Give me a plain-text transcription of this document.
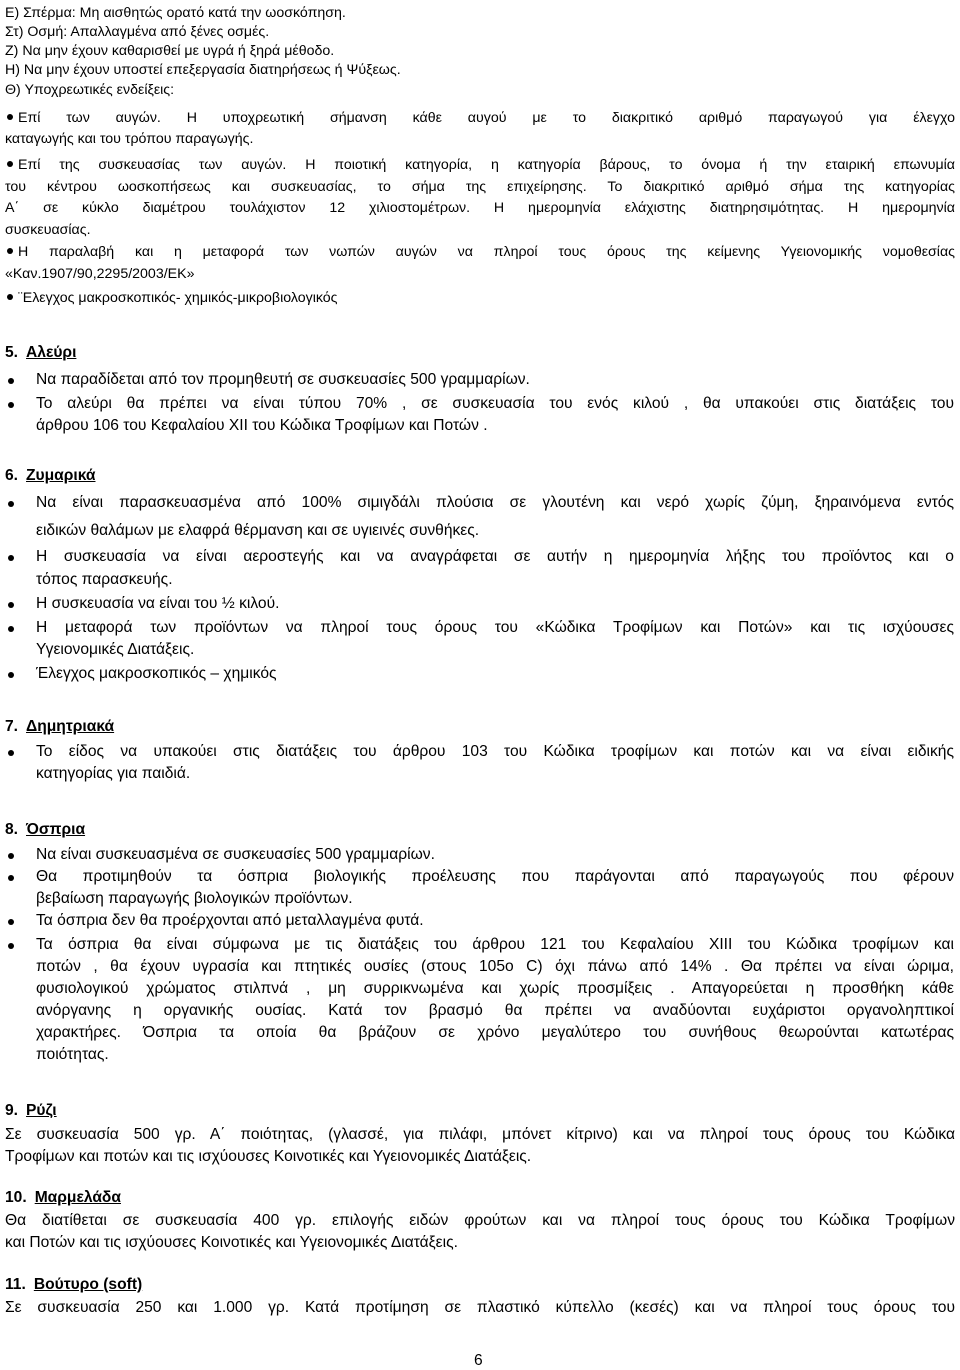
Ε) Σπέρμα: Μη αισθητώς ορατό κατά την ωοσκόπηση.
Στ) Οσμή: Απαλλαγμένα από ξένες οσμές.
Ζ) Να μην έχουν καθαρισθεί με υγρά ή ξηρά μέθοδο.
Η) Να μην έχουν υποστεί επεξεργασία διατηρήσεως ή Ψύξεως.
Θ) Υποχρεωτικές ενδείξεις:
Επί των αυγών. Η υποχρεωτική σήμανση κάθε αυγού με το διακριτικό αριθμό παραγωγού για έλεγχο
καταγωγής και του τρόπου παραγωγής.
Επί της συσκευασίας των αυγών. Η ποιοτική κατηγορία, η κατηγορία βάρους, το όνομα ή την εταιρική επωνυμία
του κέντρου ωοσκοπήσεως και συσκευασίας, το σήμα της επιχείρησης. Το διακριτικό αριθμό σήμα της κατηγορίας
Α΄ σε κύκλο διαμέτρου τουλάχιστον 12 χιλιοστομέτρων. Η ημερομηνία ελάχιστης διατηρησιμότητας. Η ημερομηνία
συσκευασίας.
Η παραλαβή και η μεταφορά των νωπών αυγών να πληροί τους όρους της κείμενης Υγειονομικής νομοθεσίας
«Καν.1907/90,2295/2003/ΕΚ»
¨Ελεγχος μακροσκοπικός- χημικός-μικροβιολογικός
5. Αλεύρι
Να παραδίδεται από τον προμηθευτή σε συσκευασίες 500 γραμμαρίων.
Το αλεύρι θα πρέπει να είναι τύπου 70% , σε συσκευασία του ενός κιλού , θα υπακούει στις διατάξεις του
άρθρου 106 του Κεφαλαίου ΧΙΙ του Κώδικα Τροφίμων και Ποτών .
6. Ζυμαρικά
Να είναι παρασκευασμένα από 100% σιμιγδάλι πλούσια σε γλουτένη και νερό χωρίς ζύμη, ξηραινόμενα εντός
ειδικών θαλάμων με ελαφρά θέρμανση και σε υγιεινές συνθήκες.
Η συσκευασία να είναι αεροστεγής και να αναγράφεται σε αυτήν η ημερομηνία λήξης του προϊόντος και ο
τόπος παρασκευής.
Η συσκευασία να είναι του ½ κιλού.
Η μεταφορά των προϊόντων να πληροί τους όρους του «Κώδικα Τροφίμων και Ποτών» και τις ισχύουσες
Υγειονομικές Διατάξεις.
Έλεγχος μακροσκοπικός – χημικός
7. Δημητριακά
Το είδος να υπακούει στις διατάξεις του άρθρου 103 του Κώδικα τροφίμων και ποτών και να είναι ειδικής
κατηγορίας για παιδιά.
8. Όσπρια
Να είναι συσκευασμένα σε συσκευασίες 500 γραμμαρίων.
Θα προτιμηθούν τα όσπρια βιολογικής προέλευσης που παράγονται από παραγωγούς που φέρουν
βεβαίωση παραγωγής βιολογικών προϊόντων.
Τα όσπρια δεν θα προέρχονται από μεταλλαγμένα φυτά.
Τα όσπρια θα είναι σύμφωνα με τις διατάξεις του άρθρου 121 του Κεφαλαίου ΧΙΙΙ του Κώδικα τροφίμων και
ποτών , θα έχουν υγρασία και πτητικές ουσίες (στους 105ο C) όχι πάνω από 14% . Θα πρέπει να είναι ώριμα,
φυσιολογικού χρώματος στιλπνά , μη συρρικνωμένα και χωρίς προσμίξεις . Απαγορεύεται η προσθήκη κάθε
ανόργανης η οργανικής ουσίας. Κατά τον βρασμό θα πρέπει να αναδύονται ευχάριστοι οργανοληπτικοί
χαρακτήρες. Όσπρια τα οποία θα βράζουν σε χρόνο μεγαλύτερο του συνήθους θεωρούνται κατωτέρας
ποιότητας.
9. Ρύζι
Σε συσκευασία 500 γρ. Α΄ ποιότητας, (γλασσέ, για πιλάφι, μπόνετ κίτρινο) και να πληροί τους όρους του Κώδικα
Τροφίμων και ποτών και τις ισχύουσες Κοινοτικές και Υγειονομικές Διατάξεις.
10. Μαρμελάδα
Θα διατίθεται σε συσκευασία 400 γρ. επιλογής ειδών φρούτων και να πληροί τους όρους του Κώδικα Τροφίμων
και Ποτών και τις ισχύουσες Κοινοτικές και Υγειονομικές Διατάξεις.
11. Βούτυρο (soft)
Σε συσκευασία 250 και 1.000 γρ. Κατά προτίμηση σε πλαστικό κύπελλο (κεσές) και να πληροί τους όρους του
6
